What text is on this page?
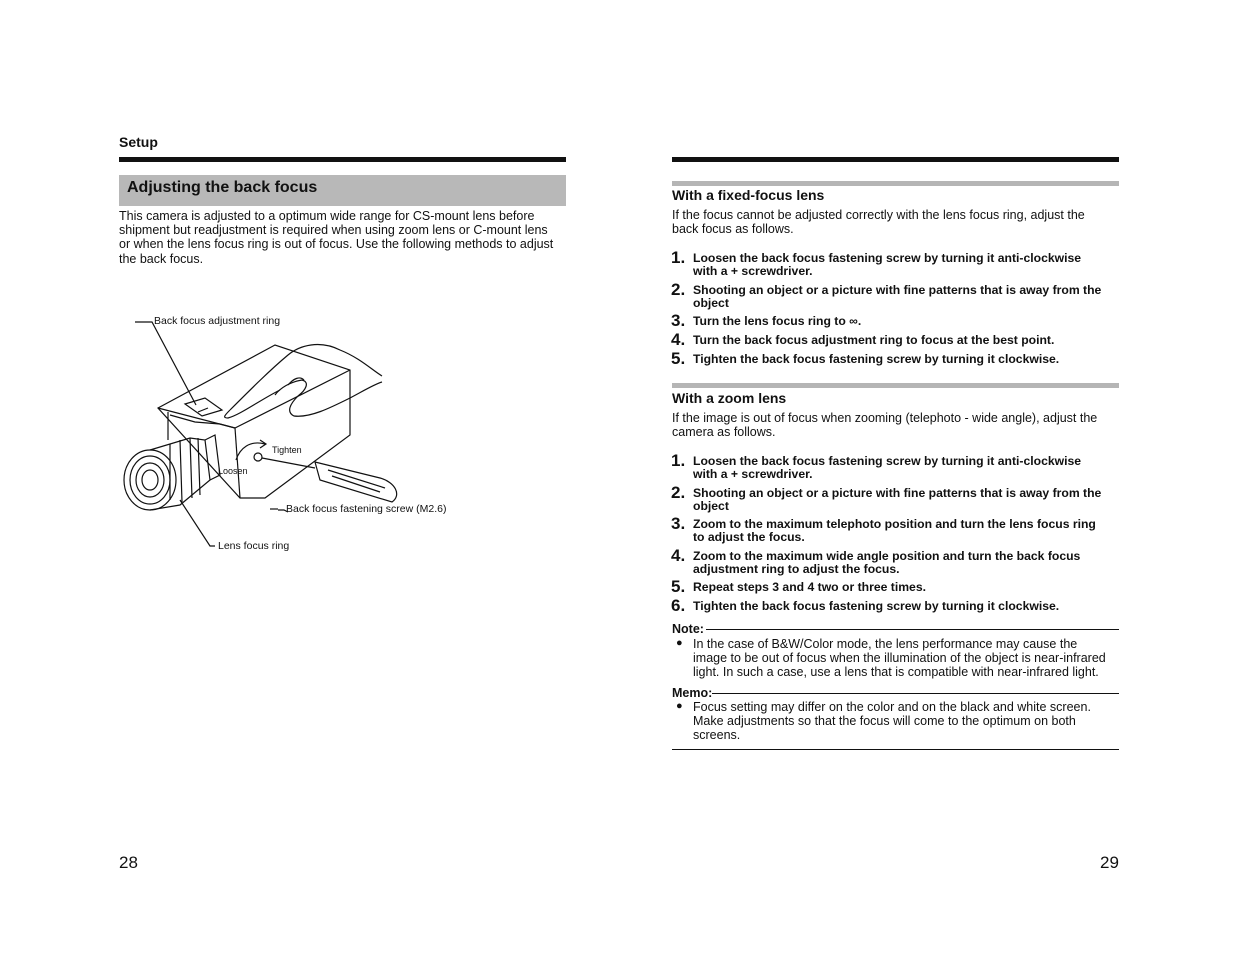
Setup
Adjusting the back focus
This camera is adjusted to a optimum wide range for CS-mount lens before
shipment but readjustment is required when using zoom lens or C-mount lens
or when the lens focus ring is out of focus. Use the following methods to adjust
the back focus.
Back focus adjustment ring
Tighten
Loosen
Back focus fastening screw (M2.6)
Lens focus ring
28
With a fixed-focus lens
If the focus cannot be adjusted correctly with the lens focus ring, adjust the
back focus as follows.
1. Loosen the back focus fastening screw by turning it anti-clockwise
with a + screwdriver.
2. Shooting an object or a picture with fine patterns that is away from the
object
3. Turn the lens focus ring to ∞.
4. Turn the back focus adjustment ring to focus at the best point.
5. Tighten the back focus fastening screw by turning it clockwise.
With a zoom lens
If the image is out of focus when zooming (telephoto - wide angle), adjust the
camera as follows.
1. Loosen the back focus fastening screw by turning it anti-clockwise
with a + screwdriver.
2. Shooting an object or a picture with fine patterns that is away from the
object
3. Zoom to the maximum telephoto position and turn the lens focus ring
to adjust the focus.
4. Zoom to the maximum wide angle position and turn the back focus
adjustment ring to adjust the focus.
5. Repeat steps 3 and 4 two or three times.
6. Tighten the back focus fastening screw by turning it clockwise.
Note:
● In the case of B&W/Color mode, the lens performance may cause the
image to be out of focus when the illumination of the object is near-infrared
light. In such a case, use a lens that is compatible with near-infrared light.
Memo:
● Focus setting may differ on the color and on the black and white screen.
Make adjustments so that the focus will come to the optimum on both
screens.
29
